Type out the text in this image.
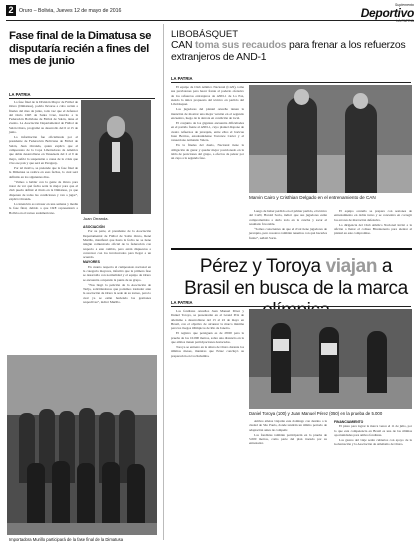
2	Oruro – Bolivia, Jueves 12 de mayo de 2016
Suplemento
Deportivo
LA PATRIA
Fase final de la Dimatusa se disputaría recién a fines del mes de junio
LA PATRIA

La fase final de la División Mayor de Fútbol de Oruro (Dimatusa), podría llevarse a cabo recién a finales del mes de junio, toda vez que el defensor del título CRE de Santa Cruz, inscrito a la Federación Boliviana de Fútbol de Salón, tiene el evento. La Asociación Departamental de Fútbol de Salón Oruro, programó su desarrollo del 6 al 15 de junio.

La información fue oficializada por el presidente de Federación Boliviana de Fútbol de Salón, Juan Orranda, quien explicó que el campeonato de la Copa Libertadores de América que debía desarrollarse en Venezuela del 2 al 9 de mayo, sufrió la suspensión a causa de la crisis que vive ese país y que será en Paraguay.

Por tal motivo, se pretende que la fase final de la Dimatusa se realice en esas fechas, lo cual será definido en los siguientes días.

“Vamos a hablar con la gente de Oruro para tratar de ver qué fecha sería la mejor para que el club pueda definir el título en la Dimatusa, ya que disponen de todas las condiciones y van a jugar”, explicó Orranda.

La intención es retrasar en una semana y media la fase final, debido a que CRE representará a Bolivia en el torneo sudamericano.

Juan Orranda.
ASOCIACIÓN

Por su parte, el presidente de la Asociación Departamental de Fútbol de Salón Oruro, René Murillo, manifestó que hasta la fecha no se tiene ningún comunicado oficial de la federación con respecto a este cambio, pero están dispuestos a conversar con los involucrados para llegar a un acuerdo.

MAYORES

En cuanto respecta al campeonato nacional en la categoría mayores, informó que la primera fase se desarrolla con normalidad y el equipo de Oruro se encuentra ocupando la punta de su grupo.

“Nos llegó la petición de la Asociación de Tarija, solicitándonos que podamos trasladar ante la asociación de Oruro la sede de su torneo, para lo cual ya se están haciendo las gestiones respectivas”, indicó Murillo.

Importadora Murillo participará de la fase final de la Dimatusa
LIBOBÁSQUET
CAN toma sus recaudos para frenar a los refuerzos extranjeros de AND-1
LA PATRIA

El equipo de Club Atlético Nacional (CAN), toma sus previsiones para hacer frente al poderío ofensivo de los refuerzos extranjeros de AND-1 de La Paz, siendo la única propuesta del técnico en partido del Libobásquet.

Los jugadores del plantel orureño tienen la intención de mostrar una mejor versión en el segundo encuentro, luego de la derrota en condición de local.

El conjunto de los gigantes encuentra dificultades en el partido frente al AND-1, cuyo plantel dispone de cuatro refuerzos de jerarquía, entre ellos el boricua Juan Berrios, estadounidense Torrence Carter y el venezolano Armando Valera.

En la finales del duelo, Nacional tiene la obligación de ganar y quedar mejor posicionado en la tabla de posiciones del grupo, a efectos de pelear por un cupo a la segunda fase.

Marvin Cairo y Cristhian Delgado en el entrenamiento de CAN

Luego de haber perdido en el primer partido, el técnico del CAN, Harold Soria, indicó que sus jugadores están comprometidos a darlo todo en la cancha y sacar el resultado favorable.

“Somos conscientes de que el rival tiene jugadores de jerarquía, pero nosotros también tenemos con qué hacerles frente”, señaló Soria.

El equipo orureño se prepara con sesiones de entrenamiento en doble turno y se concentra en corregir los errores de marcación defensiva.

La dirigencia del Club Atlético Nacional invitó a la afición a llenar el coliseo Bicentenario para alentar al plantel en este compromiso.

Pérez y Toroya viajan a Brasil en busca de la marca
LA PATRIA

Los fondistas orureños Juan Manuel Pérez y Daniel Toroya, se presentarán en el Grand Prix de atletismo a desarrollarse del 15 al 22 de mayo en Brasil, con el objetivo de alcanzar la marca mínima para los Juegos Olímpicos de Río de Janeiro.

El registro que persiguen es de 28:00 para la prueba de los 10.000 metros, sobre una distancia en la que ambos tienen participaciones destacadas.

Toroya se entrenó en la altura de Oruro durante los últimos meses, mientras que Pérez concluyó su preparación en Cochabamba.

Daniel Toroya (100) y Juan Manuel Pérez (050) en la prueba de 5.000

Ambos atletas viajarán este domingo con destino a la ciudad de São Paulo, donde tendrán un último periodo de adaptación antes de competir.

Los fondistas también participarán en la prueba de 5.000 metros, como parte del plan trazado por su entrenador.

FINANCIAMIENTO

El plazo para lograr la marca vence el 11 de julio, por lo que esta competencia en Brasil es una de las últimas oportunidades para ambos fondistas.

Los gastos del viaje serán cubiertos con apoyo de la Gobernación y la Asociación de Atletismo de Oruro.
